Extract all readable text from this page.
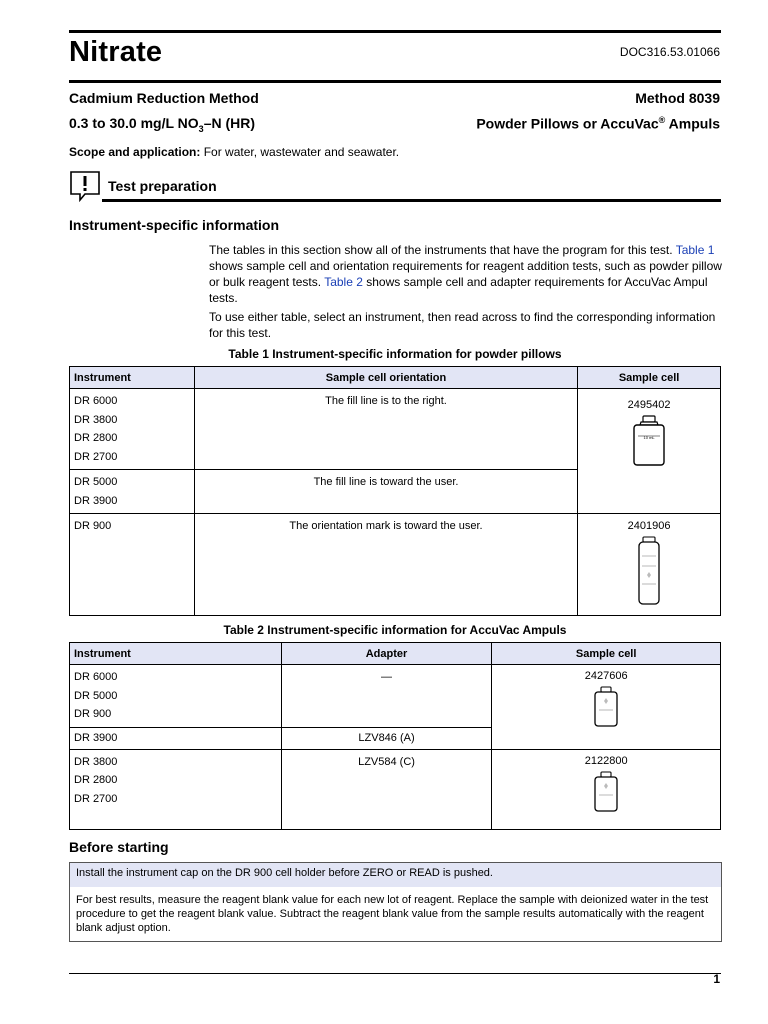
Nitrate	DOC316.53.01066
Cadmium Reduction Method	Method 8039
0.3 to 30.0 mg/L $NO_3-N$ (HR)	Powder Pillows or AccuVac® Ampuls
Scope and application: For water, wastewater and seawater.
Test preparation
Instrument-specific information
The tables in this section show all of the instruments that have the program for this test. Table 1 shows sample cell and orientation requirements for reagent addition tests, such as powder pillow or bulk reagent tests. Table 2 shows sample cell and adapter requirements for AccuVac Ampul tests.
To use either table, select an instrument, then read across to find the corresponding information for this test.
Table 1 Instrument-specific information for powder pillows
Instrument	Sample cell orientation	Sample cell

DR 6000
DR 3800
DR 2800
DR 2700	The fill line is to the right.	2495402
10 mL

DR 5000
DR 3900	The fill line is toward the user.	

DR 900	The orientation mark is toward the user.	2401906
Table 2 Instrument-specific information for AccuVac Ampuls
Instrument	Adapter	Sample cell

DR 6000
DR 5000
DR 900	—	2427606

DR 3900	LZV846 (A)	

DR 3800
DR 2800
DR 2700	LZV584 (C)	2122800
Before starting
Install the instrument cap on the DR 900 cell holder before ZERO or READ is pushed.
For best results, measure the reagent blank value for each new lot of reagent. Replace the sample with deionized water in the test procedure to get the reagent blank value. Subtract the reagent blank value from the sample results automatically with the reagent blank adjust option.
1
